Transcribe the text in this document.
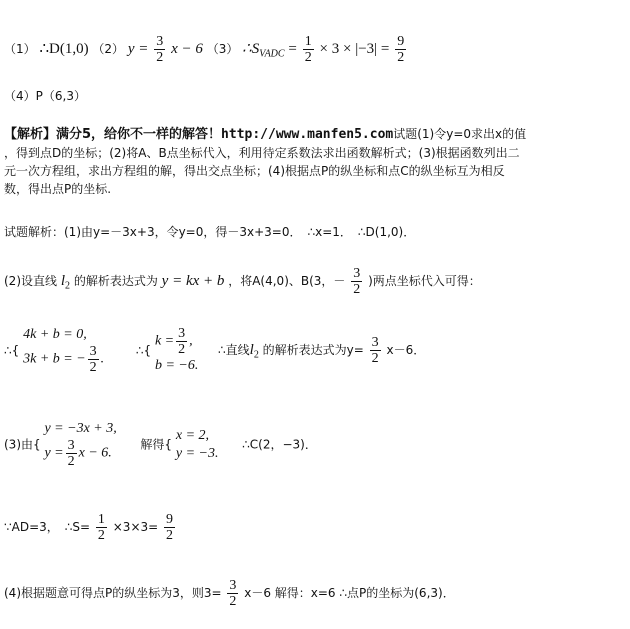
（1） ∴D(1,0) （2） $y = \frac{3}{2}$ x − 6 （3） $\therefore S_{VADC} = \frac{1}{2} \times 3 \times |-3| = \frac{9}{2}$
（4）P（6,3）
【解析】满分5，给你不一样的解答！http://www.manfen5.com试题(1)令y=0求出x的值
，得到点D的坐标；(2)将A、B点坐标代入，利用待定系数法求出函数解析式；(3)根据函数列出二
元一次方程组，求出方程组的解，得出交点坐标；(4)根据点P的纵坐标和点C的纵坐标互为相反
数，得出点P的坐标.
试题解析：(1)由y=－3x+3，令y=0，得－3x+3=0．　∴x=1．　∴D(1,0)．
(2)设直线 $l_2$ 的解析表达式为 y = kx + b ，将A(4,0)、B(3，－ $\frac{3}{2}$ )两点坐标代入可得：
∴{
4k + b = 0,
3k + b = − $\frac{3}{2}$ .
∴{
$k = \frac{3}{2}$ ,
b = −6.
∴直线$l_2$ 的解析表达式为$y= \frac{3}{2} x-6$．
(3)由{
y = −3x + 3,
$y = \frac{3}{2}$ x − 6.
解得{
x = 2,
y = −3.
∴C(2，−3)．
∵AD=3，　∴S= $\frac{1}{2} \times 3\times 3= \frac{9}{2}$
(4)根据题意可得点P的纵坐标为3，则$3= \frac{3}{2} x-6$ 解得：x=6 ∴点P的坐标为(6,3)．
